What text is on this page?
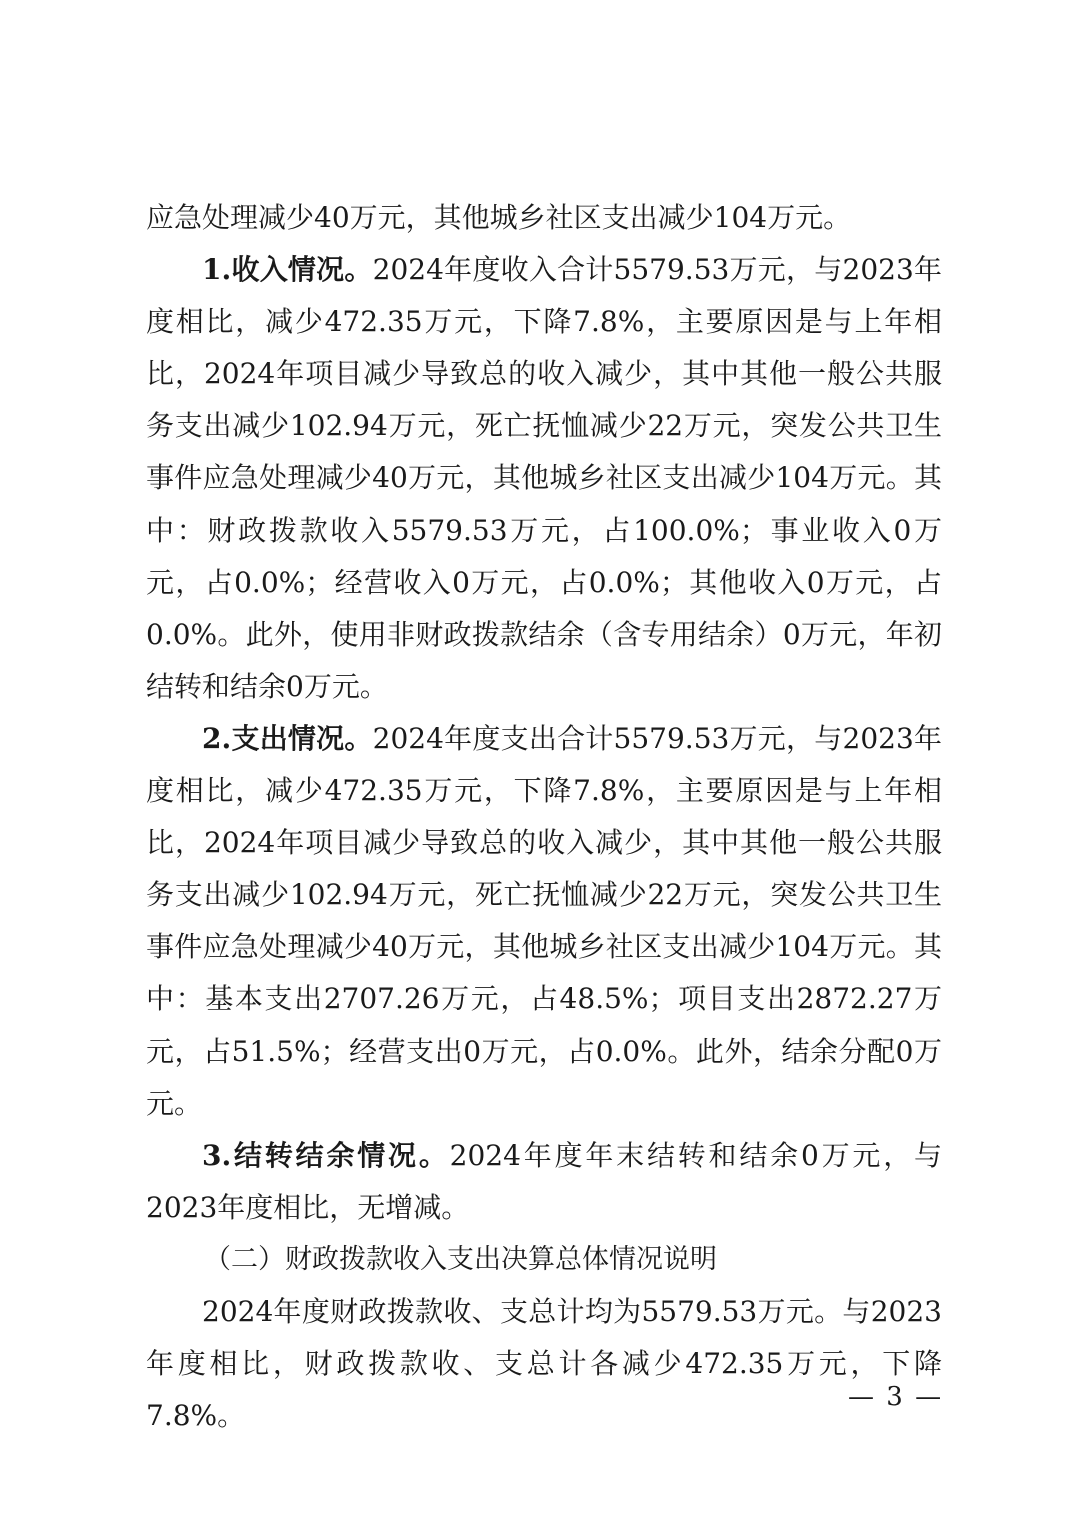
应急处理减少40万元，其他城乡社区支出减少104万元。

1.收入情况。2024年度收入合计5579.53万元，与2023年度相比，减少472.35万元，下降7.8%，主要原因是与上年相比，2024年项目减少导致总的收入减少，其中其他一般公共服务支出减少102.94万元，死亡抚恤减少22万元，突发公共卫生事件应急处理减少40万元，其他城乡社区支出减少104万元。其中：财政拨款收入5579.53万元，占100.0%；事业收入0万元，占0.0%；经营收入0万元，占0.0%；其他收入0万元，占0.0%。此外，使用非财政拨款结余（含专用结余）0万元，年初结转和结余0万元。

2.支出情况。2024年度支出合计5579.53万元，与2023年度相比，减少472.35万元，下降7.8%，主要原因是与上年相比，2024年项目减少导致总的收入减少，其中其他一般公共服务支出减少102.94万元，死亡抚恤减少22万元，突发公共卫生事件应急处理减少40万元，其他城乡社区支出减少104万元。其中：基本支出2707.26万元，占48.5%；项目支出2872.27万元，占51.5%；经营支出0万元，占0.0%。此外，结余分配0万元。

3.结转结余情况。2024年度年末结转和结余0万元，与2023年度相比，无增减。

（二）财政拨款收入支出决算总体情况说明

2024年度财政拨款收、支总计均为5579.53万元。与2023年度相比，财政拨款收、支总计各减少472.35万元，下降7.8%。

— 3 —
